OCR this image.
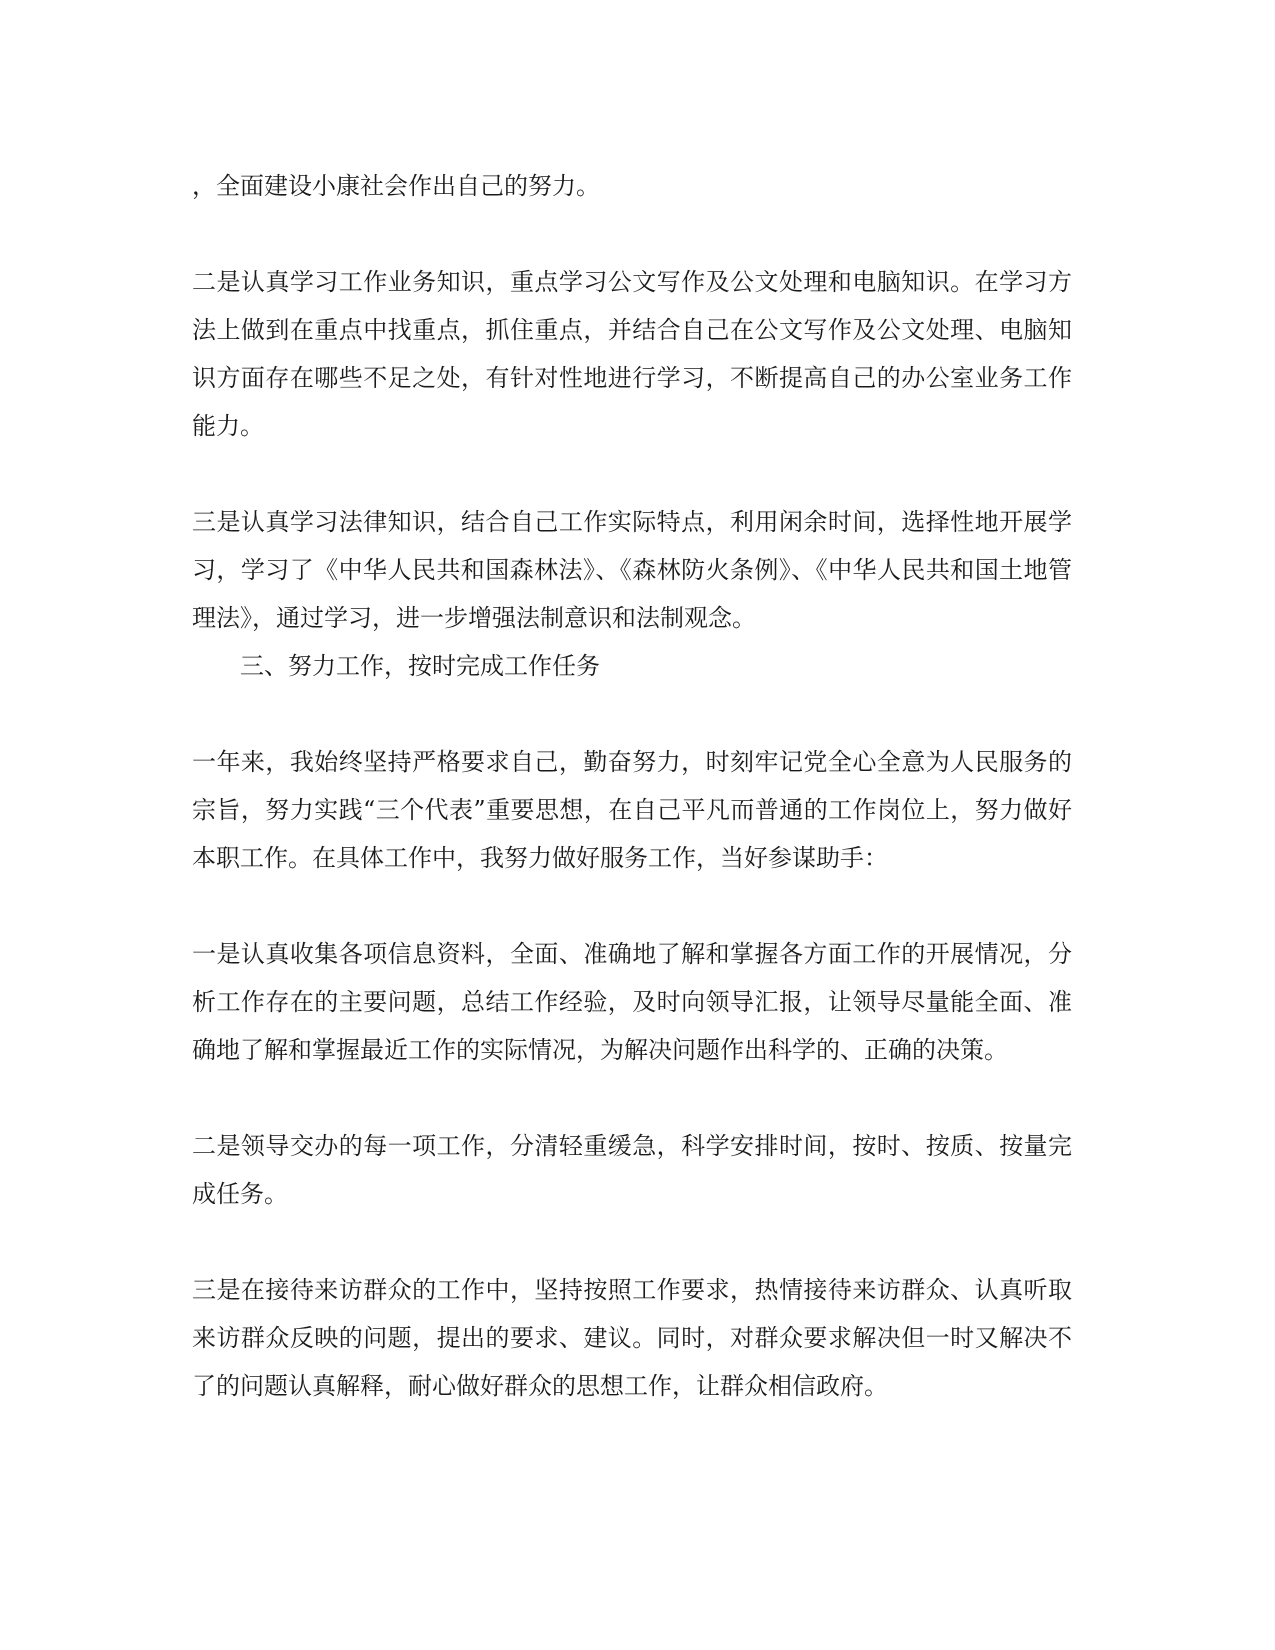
，全面建设小康社会作出自己的努力。

二是认真学习工作业务知识，重点学习公文写作及公文处理和电脑知识。在学习方法上做到在重点中找重点，抓住重点，并结合自己在公文写作及公文处理、电脑知识方面存在哪些不足之处，有针对性地进行学习，不断提高自己的办公室业务工作能力。

三是认真学习法律知识，结合自己工作实际特点，利用闲余时间，选择性地开展学习，学习了《中华人民共和国森林法》、《森林防火条例》、《中华人民共和国土地管理法》，通过学习，进一步增强法制意识和法制观念。

三、努力工作，按时完成工作任务

一年来，我始终坚持严格要求自己，勤奋努力，时刻牢记党全心全意为人民服务的宗旨，努力实践“三个代表”重要思想，在自己平凡而普通的工作岗位上，努力做好本职工作。在具体工作中，我努力做好服务工作，当好参谋助手：

一是认真收集各项信息资料，全面、准确地了解和掌握各方面工作的开展情况，分析工作存在的主要问题，总结工作经验，及时向领导汇报，让领导尽量能全面、准确地了解和掌握最近工作的实际情况，为解决问题作出科学的、正确的决策。

二是领导交办的每一项工作，分清轻重缓急，科学安排时间，按时、按质、按量完成任务。

三是在接待来访群众的工作中，坚持按照工作要求，热情接待来访群众、认真听取来访群众反映的问题，提出的要求、建议。同时，对群众要求解决但一时又解决不了的问题认真解释，耐心做好群众的思想工作，让群众相信政府。
